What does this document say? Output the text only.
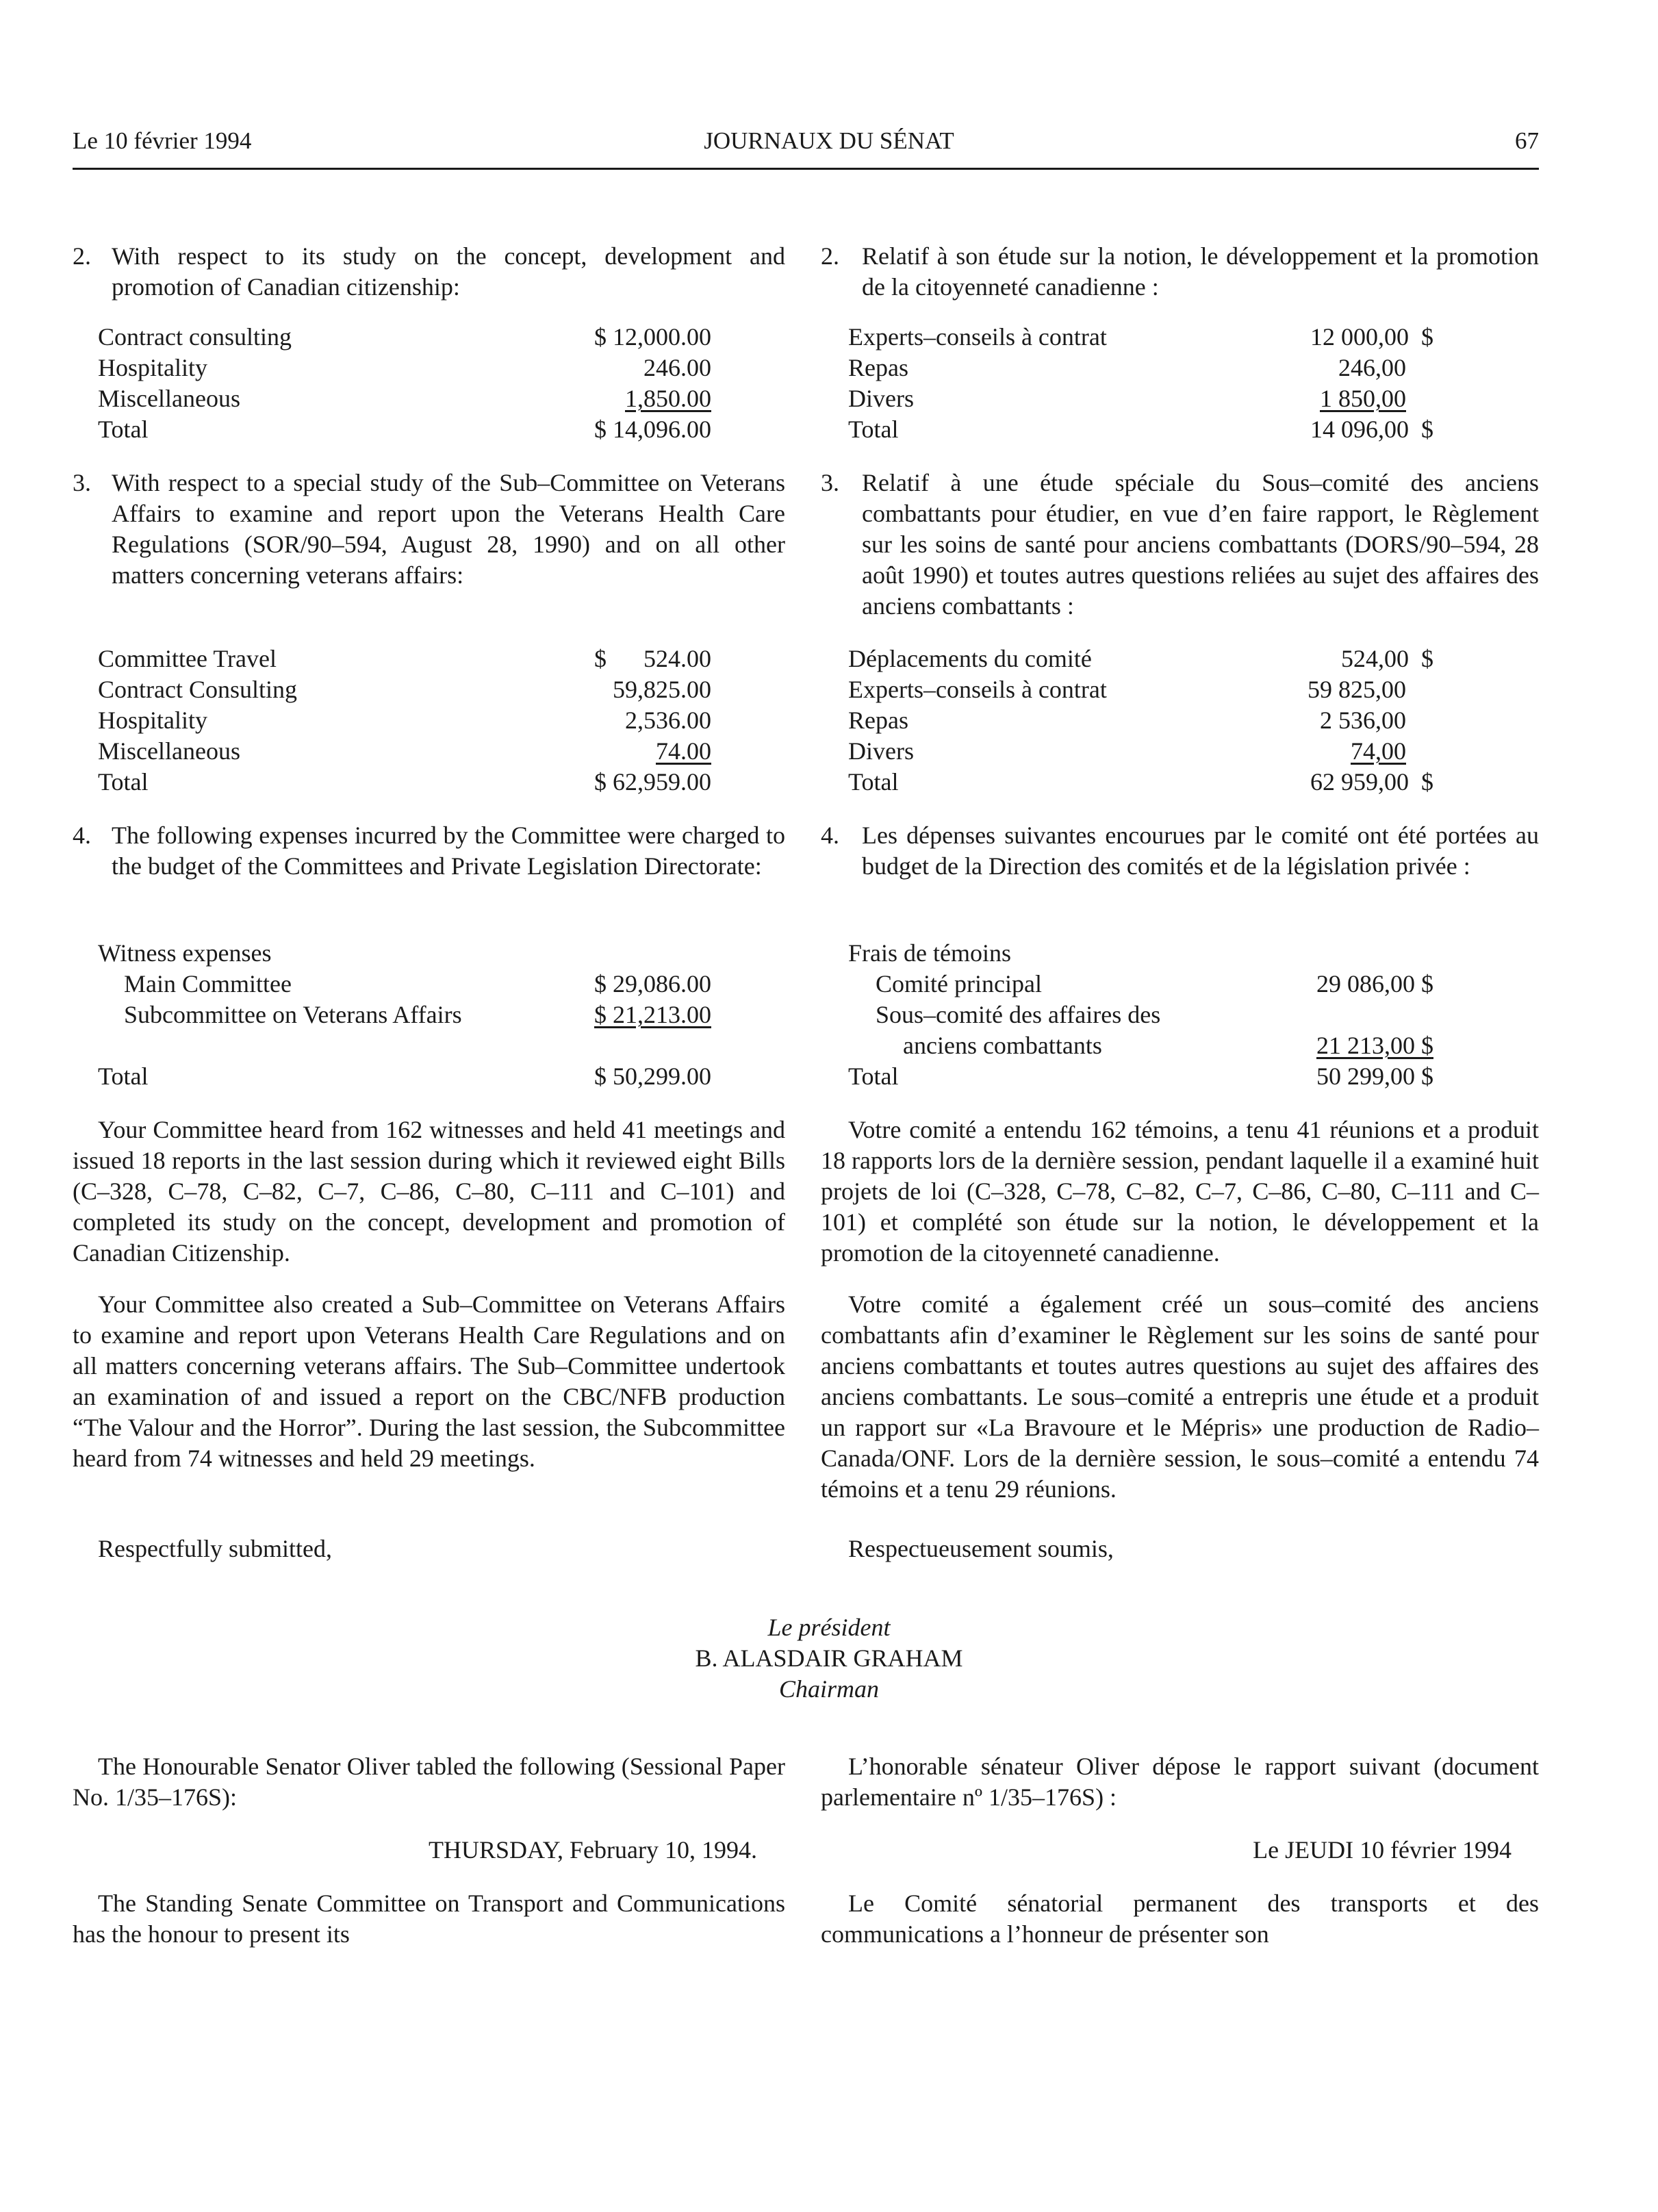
Le 10 février 1994	JOURNAUX DU SÉNAT	67
2. With respect to its study on the concept, development and promotion of Canadian citizenship:
Contract consulting	$ 12,000.00
Hospitality	246.00
Miscellaneous	1,850.00
Total	$ 14,096.00
3. With respect to a special study of the Sub–Committee on Veterans Affairs to examine and report upon the Veterans Health Care Regulations (SOR/90–594, August 28, 1990) and on all other matters concerning veterans affairs:
Committee Travel	$      524.00
Contract Consulting	59,825.00
Hospitality	2,536.00
Miscellaneous	74.00
Total	$ 62,959.00
4. The following expenses incurred by the Committee were charged to the budget of the Committees and Private Legislation Directorate:
Witness expenses
Main Committee	$ 29,086.00
Subcommittee on Veterans Affairs	$ 21,213.00
Total	$ 50,299.00
Your Committee heard from 162 witnesses and held 41 meetings and issued 18 reports in the last session during which it reviewed eight Bills (C–328, C–78, C–82, C–7, C–86, C–80, C–111 and C–101) and completed its study on the concept, development and promotion of Canadian Citizenship.
Your Committee also created a Sub–Committee on Veterans Affairs to examine and report upon Veterans Health Care Regulations and on all matters concerning veterans affairs. The Sub–Committee undertook an examination of and issued a report on the CBC/NFB production “The Valour and the Horror”. During the last session, the Subcommittee heard from 74 witnesses and held 29 meetings.
Respectfully submitted,
2. Relatif à son étude sur la notion, le développement et la promotion de la citoyenneté canadienne :
Experts–conseils à contrat	12 000,00  $
Repas	246,00
Divers	1 850,00
Total	14 096,00  $
3. Relatif à une étude spéciale du Sous–comité des anciens combattants pour étudier, en vue d’en faire rapport, le Règlement sur les soins de santé pour anciens combattants (DORS/90–594, 28 août 1990) et toutes autres questions reliées au sujet des affaires des anciens combattants :
Déplacements du comité	524,00  $
Experts–conseils à contrat	59 825,00
Repas	2 536,00
Divers	74,00
Total	62 959,00  $
4. Les dépenses suivantes encourues par le comité ont été portées au budget de la Direction des comités et de la législation privée :
Frais de témoins
Comité principal	29 086,00 $
Sous–comité des affaires des
anciens combattants	21 213,00 $
Total	50 299,00 $
Votre comité a entendu 162 témoins, a tenu 41 réunions et a produit 18 rapports lors de la dernière session, pendant laquelle il a examiné huit projets de loi (C–328, C–78, C–82, C–7, C–86, C–80, C–111 and C–101) et complété son étude sur la notion, le développement et la promotion de la citoyenneté canadienne.
Votre comité a également créé un sous–comité des anciens combattants afin d’examiner le Règlement sur les soins de santé pour anciens combattants et toutes autres questions au sujet des affaires des anciens combattants. Le sous–comité a entrepris une étude et a produit un rapport sur «La Bravoure et le Mépris» une production de Radio–Canada/ONF. Lors de la dernière session, le sous–comité a entendu 74 témoins et a tenu 29 réunions.
Respectueusement soumis,
Le président
B. ALASDAIR GRAHAM
Chairman
The Honourable Senator Oliver tabled the following (Sessional Paper No. 1/35–176S):
THURSDAY, February 10, 1994.
The Standing Senate Committee on Transport and Communications has the honour to present its
L’honorable sénateur Oliver dépose le rapport suivant (document parlementaire nº 1/35–176S) :
Le JEUDI 10 février 1994
Le Comité sénatorial permanent des transports et des communications a l’honneur de présenter son
